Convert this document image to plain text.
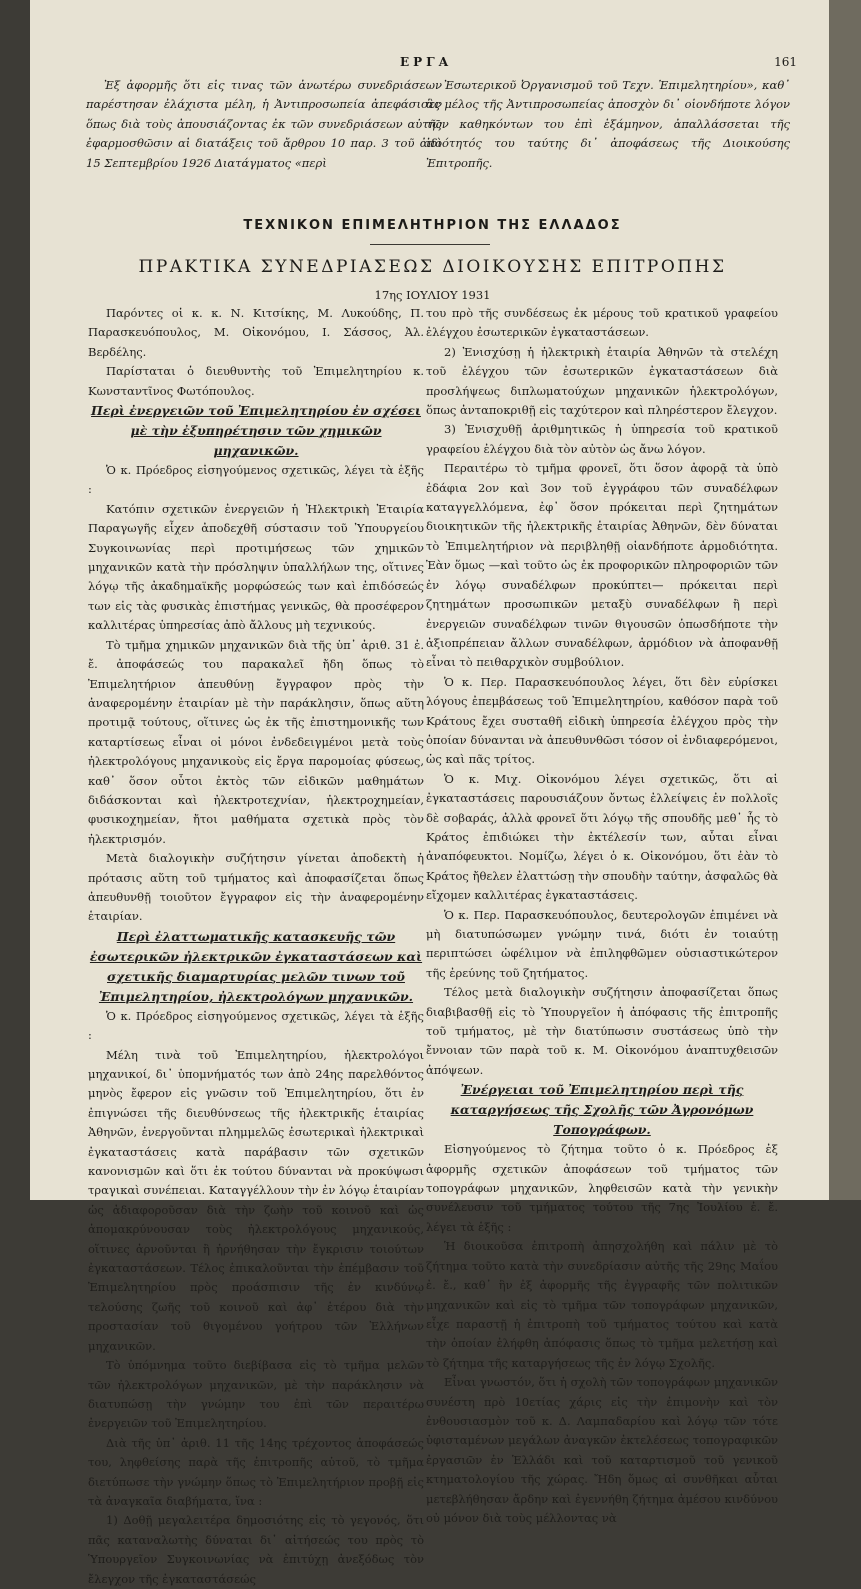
ΕΡΓΑ	161

Ἐξ ἀφορμῆς ὅτι εἰς τινας τῶν ἀνωτέρω συνεδριάσεων παρέστησαν ἐλάχιστα μέλη, ἡ Ἀντιπροσωπεία ἀπεφάσισεν ὅπως διὰ τοὺς ἀπουσιάζοντας ἐκ τῶν συνεδριάσεων αὐτῆς ἐφαρμοσθῶσιν αἱ διατάξεις τοῦ ἄρθρου 10 παρ. 3 τοῦ ἀπὸ 15 Σεπτεμβρίου 1926 Διατάγματος «περὶ

Ἐσωτερικοῦ Ὀργανισμοῦ τοῦ Τεχν. Ἐπιμελητηρίου», καθ᾽ ἃς μέλος τῆς Ἀντιπροσωπείας ἀποσχὸν δι᾽ οἱονδήποτε λόγον τῶν καθηκόντων του ἐπὶ ἑξάμηνον, ἀπαλλάσσεται τῆς ἰδιότητός του ταύτης δι᾽ ἀποφάσεως τῆς Διοικούσης Ἐπιτροπῆς.

ΤΕΧΝΙΚΟΝ ΕΠΙΜΕΛΗΤΗΡΙΟΝ ΤΗΣ ΕΛΛΑΔΟΣ
ΠΡΑΚΤΙΚΑ ΣΥΝΕΔΡΙΑΣΕΩΣ ΔΙΟΙΚΟΥΣΗΣ ΕΠΙΤΡΟΠΗΣ
17ης ΙΟΥΛΙΟΥ 1931

Παρόντες οἱ κ. κ. Ν. Κιτσίκης, Μ. Λυκούδης, Π. Παρασκευόπουλος, Μ. Οἰκονόμου, Ι. Σάσσος, Ἀλ. Βερδέλης.

Παρίσταται ὁ διευθυντὴς τοῦ Ἐπιμελητηρίου κ. Κωνσταντῖνος Φωτόπουλος.

Περὶ ἐνεργειῶν τοῦ Ἐπιμελητηρίου ἐν σχέσει μὲ τὴν ἐξυπηρέτησιν τῶν χημικῶν μηχανικῶν.

Ὁ κ. Πρόεδρος εἰσηγούμενος σχετικῶς, λέγει τὰ ἑξῆς :

Κατόπιν σχετικῶν ἐνεργειῶν ἡ Ἠλεκτρικὴ Ἑταιρία Παραγωγῆς εἶχεν ἀποδεχθῆ σύστασιν τοῦ Ὑπουργείου Συγκοινωνίας περὶ προτιμήσεως τῶν χημικῶν μηχανικῶν κατὰ τὴν πρόσληψιν ὑπαλλήλων της, οἵτινες λόγῳ τῆς ἀκαδημαϊκῆς μορφώσεώς των καὶ ἐπιδόσεώς των εἰς τὰς φυσικὰς ἐπιστήμας γενικῶς, θὰ προσέφερον καλλιτέρας ὑπηρεσίας ἀπὸ ἄλλους μὴ τεχνικούς.

Τὸ τμῆμα χημικῶν μηχανικῶν διὰ τῆς ὑπ᾽ ἀριθ. 31 ἐ. ἔ. ἀποφάσεώς του παρακαλεῖ ἤδη ὅπως τὸ Ἐπιμελητήριον ἀπευθύνῃ ἔγγραφον πρὸς τὴν ἀναφερομένην ἑταιρίαν μὲ τὴν παράκλησιν, ὅπως αὕτη προτιμᾷ τούτους, οἵτινες ὡς ἐκ τῆς ἐπιστημονικῆς των καταρτίσεως εἶναι οἱ μόνοι ἐνδεδειγμένοι μετὰ τοὺς ἠλεκτρολόγους μηχανικοὺς εἰς ἔργα παρομοίας φύσεως, καθ᾽ ὅσον οὗτοι ἐκτὸς τῶν εἰδικῶν μαθημάτων διδάσκονται καὶ ἠλεκτροτεχνίαν, ἠλεκτροχημείαν, φυσικοχημείαν, ἤτοι μαθήματα σχετικὰ πρὸς τὸν ἠλεκτρισμόν.

Μετὰ διαλογικὴν συζήτησιν γίνεται ἀποδεκτὴ ἡ πρότασις αὕτη τοῦ τμήματος καὶ ἀποφασίζεται ὅπως ἀπευθυνθῇ τοιοῦτον ἔγγραφον εἰς τὴν ἀναφερομένην ἑταιρίαν.

Περὶ ἐλαττωματικῆς κατασκευῆς τῶν ἐσωτερικῶν ἠλεκτρικῶν ἐγκαταστάσεων καὶ σχετικῆς διαμαρτυρίας μελῶν τινων τοῦ Ἐπιμελητηρίου, ἠλεκτρολόγων μηχανικῶν.

Ὁ κ. Πρόεδρος εἰσηγούμενος σχετικῶς, λέγει τὰ ἑξῆς :

Μέλη τινὰ τοῦ Ἐπιμελητηρίου, ἠλεκτρολόγοι μηχανικοί, δι᾽ ὑπομνήματός των ἀπὸ 24ης παρελθόντος μηνὸς ἔφερον εἰς γνῶσιν τοῦ Ἐπιμελητηρίου, ὅτι ἐν ἐπιγνώσει τῆς διευθύνσεως τῆς ἠλεκτρικῆς ἑταιρίας Ἀθηνῶν, ἐνεργοῦνται πλημμελῶς ἐσωτερικαὶ ἠλεκτρικαὶ ἐγκαταστάσεις κατὰ παράβασιν τῶν σχετικῶν κανονισμῶν καὶ ὅτι ἐκ τούτου δύνανται νὰ προκύψωσι τραγικαὶ συνέπειαι. Καταγγέλλουν τὴν ἐν λόγῳ ἑταιρίαν ὡς ἀδιαφοροῦσαν διὰ τὴν ζωὴν τοῦ κοινοῦ καὶ ὡς ἀπομακρύνουσαν τοὺς ἠλεκτρολόγους μηχανικούς, οἵτινες ἀρνοῦνται ἢ ἠρνήθησαν τὴν ἔγκρισιν τοιούτων ἐγκαταστάσεων. Τέλος ἐπικαλοῦνται τὴν ἐπέμβασιν τοῦ Ἐπιμελητηρίου πρὸς προάσπισιν τῆς ἐν κινδύνῳ τελούσης ζωῆς τοῦ κοινοῦ καὶ ἀφ᾽ ἑτέρου διὰ τὴν προστασίαν τοῦ θιγομένου γοήτρου τῶν Ἑλλήνων μηχανικῶν.

Τὸ ὑπόμνημα τοῦτο διεβίβασα εἰς τὸ τμῆμα μελῶν τῶν ἠλεκτρολόγων μηχανικῶν, μὲ τὴν παράκλησιν νὰ διατυπώσῃ τὴν γνώμην του ἐπὶ τῶν περαιτέρω ἐνεργειῶν τοῦ Ἐπιμελητηρίου.

Διὰ τῆς ὑπ᾽ ἀριθ. 11 τῆς 14ης τρέχοντος ἀποφάσεώς του, ληφθείσης παρὰ τῆς ἐπιτροπῆς αὐτοῦ, τὸ τμῆμα διετύπωσε τὴν γνώμην ὅπως τὸ Ἐπιμελητήριον προβῇ εἰς τὰ ἀναγκαῖα διαβήματα, ἵνα :

1) Δοθῇ μεγαλειτέρα δημοσιότης εἰς τὸ γεγονός, ὅτι πᾶς καταναλωτὴς δύναται δι᾽ αἰτήσεώς του πρὸς τὸ Ὑπουργεῖον Συγκοινωνίας νὰ ἐπιτύχῃ ἀνεξόδως τὸν ἔλεγχον τῆς ἐγκαταστάσεώς

του πρὸ τῆς συνδέσεως ἐκ μέρους τοῦ κρατικοῦ γραφείου ἐλέγχου ἐσωτερικῶν ἐγκαταστάσεων.

2) Ἐνισχύσῃ ἡ ἠλεκτρικὴ ἑταιρία Ἀθηνῶν τὰ στελέχη τοῦ ἐλέγχου τῶν ἐσωτερικῶν ἐγκαταστάσεων διὰ προσλήψεως διπλωματούχων μηχανικῶν ἠλεκτρολόγων, ὅπως ἀνταποκριθῇ εἰς ταχύτερον καὶ πληρέστερον ἔλεγχον.

3) Ἐνισχυθῇ ἀριθμητικῶς ἡ ὑπηρεσία τοῦ κρατικοῦ γραφείου ἐλέγχου διὰ τὸν αὐτὸν ὡς ἄνω λόγον.

Περαιτέρω τὸ τμῆμα φρονεῖ, ὅτι ὅσον ἀφορᾷ τὰ ὑπὸ ἐδάφια 2ον καὶ 3ον τοῦ ἐγγράφου τῶν συναδέλφων καταγγελλόμενα, ἐφ᾽ ὅσον πρόκειται περὶ ζητημάτων διοικητικῶν τῆς ἠλεκτρικῆς ἑταιρίας Ἀθηνῶν, δὲν δύναται τὸ Ἐπιμελητήριον νὰ περιβληθῇ οἱανδήποτε ἁρμοδιότητα. Ἐὰν ὅμως —καὶ τοῦτο ὡς ἐκ προφορικῶν πληροφοριῶν τῶν ἐν λόγῳ συναδέλφων προκύπτει— πρόκειται περὶ ζητημάτων προσωπικῶν μεταξὺ συναδέλφων ἢ περὶ ἐνεργειῶν συναδέλφων τινῶν θιγουσῶν ὁπωσδήποτε τὴν ἀξιοπρέπειαν ἄλλων συναδέλφων, ἁρμόδιον νὰ ἀποφανθῇ εἶναι τὸ πειθαρχικὸν συμβούλιον.

Ὁ κ. Περ. Παρασκευόπουλος λέγει, ὅτι δὲν εὑρίσκει λόγους ἐπεμβάσεως τοῦ Ἐπιμελητηρίου, καθόσον παρὰ τοῦ Κράτους ἔχει συσταθῆ εἰδικὴ ὑπηρεσία ἐλέγχου πρὸς τὴν ὁποίαν δύνανται νὰ ἀπευθυνθῶσι τόσον οἱ ἐνδιαφερόμενοι, ὡς καὶ πᾶς τρίτος.

Ὁ κ. Μιχ. Οἰκονόμου λέγει σχετικῶς, ὅτι αἱ ἐγκαταστάσεις παρουσιάζουν ὄντως ἐλλείψεις ἐν πολλοῖς δὲ σοβαράς, ἀλλὰ φρονεῖ ὅτι λόγῳ τῆς σπουδῆς μεθ᾽ ἧς τὸ Κράτος ἐπιδιώκει τὴν ἐκτέλεσίν των, αὗται εἶναι ἀναπόφευκτοι. Νομίζω, λέγει ὁ κ. Οἰκονόμου, ὅτι ἐὰν τὸ Κράτος ἤθελεν ἐλαττώσῃ τὴν σπουδὴν ταύτην, ἀσφαλῶς θὰ εἴχομεν καλλιτέρας ἐγκαταστάσεις.

Ὁ κ. Περ. Παρασκευόπουλος, δευτερολογῶν ἐπιμένει νὰ μὴ διατυπώσωμεν γνώμην τινά, διότι ἐν τοιαύτῃ περιπτώσει ὠφέλιμον νὰ ἐπιληφθῶμεν οὐσιαστικώτερον τῆς ἐρεύνης τοῦ ζητήματος.

Τέλος μετὰ διαλογικὴν συζήτησιν ἀποφασίζεται ὅπως διαβιβασθῇ εἰς τὸ Ὑπουργεῖον ἡ ἀπόφασις τῆς ἐπιτροπῆς τοῦ τμήματος, μὲ τὴν διατύπωσιν συστάσεως ὑπὸ τὴν ἔννοιαν τῶν παρὰ τοῦ κ. Μ. Οἰκονόμου ἀναπτυχθεισῶν ἀπόψεων.

Ἐνέργειαι τοῦ Ἐπιμελητηρίου περὶ τῆς καταργήσεως τῆς Σχολῆς τῶν Ἀγρονόμων Τοπογράφων.

Εἰσηγούμενος τὸ ζήτημα τοῦτο ὁ κ. Πρόεδρος ἐξ ἀφορμῆς σχετικῶν ἀποφάσεων τοῦ τμήματος τῶν τοπογράφων μηχανικῶν, ληφθεισῶν κατὰ τὴν γενικὴν συνέλευσιν τοῦ τμήματος τούτου τῆς 7ης Ἰουλίου ἐ. ἔ. λέγει τὰ ἑξῆς :

Ἡ διοικοῦσα ἐπιτροπὴ ἀπησχολήθη καὶ πάλιν μὲ τὸ ζήτημα τοῦτο κατὰ τὴν συνεδρίασιν αὐτῆς τῆς 29ης Μαΐου ἐ. ἔ., καθ᾽ ἣν ἐξ ἀφορμῆς τῆς ἐγγραφῆς τῶν πολιτικῶν μηχανικῶν καὶ εἰς τὸ τμῆμα τῶν τοπογράφων μηχανικῶν, εἶχε παραστῇ ἡ ἐπιτροπὴ τοῦ τμήματος τούτου καὶ κατὰ τὴν ὁποίαν ἐλήφθη ἀπόφασις ὅπως τὸ τμῆμα μελετήσῃ καὶ τὸ ζήτημα τῆς καταργήσεως τῆς ἐν λόγῳ Σχολῆς.

Εἶναι γνωστόν, ὅτι ἡ σχολὴ τῶν τοπογράφων μηχανικῶν συνέστη πρὸ 10ετίας χάρις εἰς τὴν ἐπιμονὴν καὶ τὸν ἐνθουσιασμὸν τοῦ κ. Δ. Λαμπαδαρίου καὶ λόγῳ τῶν τότε ὑφισταμένων μεγάλων ἀναγκῶν ἐκτελέσεως τοπογραφικῶν ἐργασιῶν ἐν Ἑλλάδι καὶ τοῦ καταρτισμοῦ τοῦ γενικοῦ κτηματολογίου τῆς χώρας. Ἤδη ὅμως αἱ συνθῆκαι αὗται μετεβλήθησαν ἄρδην καὶ ἐγεννήθη ζήτημα ἀμέσου κινδύνου οὐ μόνον διὰ τοὺς μέλλοντας νὰ
